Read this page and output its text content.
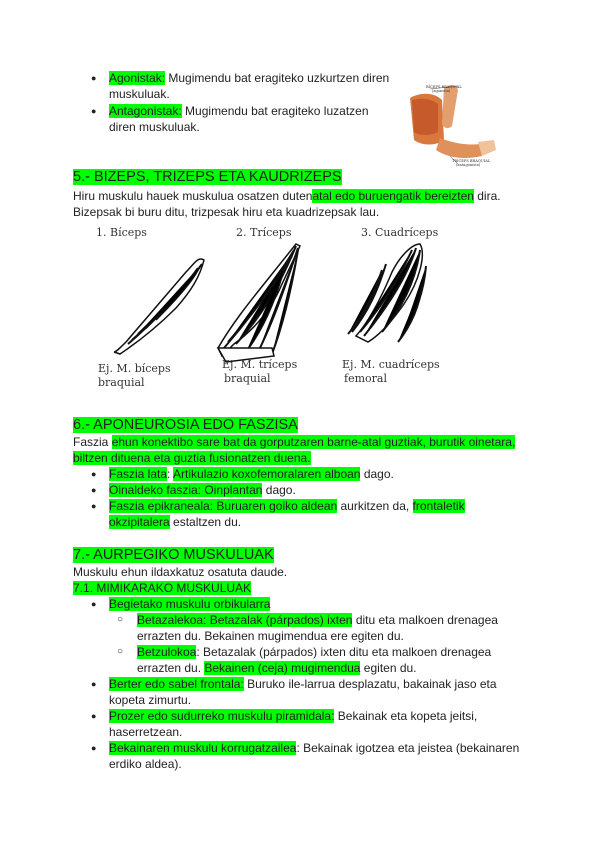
● Agonistak: Mugimendu bat eragiteko uzkurtzen diren
muskuluak.
● Antagonistak: Mugimendu bat eragiteko luzatzen
diren muskuluak.
BÍCEPS BRAQUIAL
(agonista)
TRÍCEPS BRAQUIAL
(antagonista)
5.- BIZEPS, TRIZEPS ETA KAUDRIZEPS
Hiru muskulu hauek muskulua osatzen dutenatal edo buruengatik bereizten dira.
Bizepsak bi buru ditu, trizpesak hiru eta kuadrizepsak lau.
1. Bíceps	2. Tríceps	3. Cuadríceps
Ej. M. bíceps
braquial
Ej. M. tríceps
braquial
Ej. M. cuadríceps
femoral
6.- APONEUROSIA EDO FASZISA
Faszia ehun konektibo sare bat da gorputzaren barne-atal guztiak, burutik oinetara,
biltzen dituena eta guztia fusionatzen duena.
● Faszia lata: Artikulazio koxofemoralaren alboan dago.
● Oinaldeko faszia: Oinplantan dago.
● Faszia epikraneala: Buruaren goiko aldean aurkitzen da, frontaletik
okzipitalera estaltzen du.
7.- AURPEGIKO MUSKULUAK
Muskulu ehun ildaxkatuz osatuta daude.
7.1. MIMIKARAKO MUSKULUAK
● Begietako muskulu orbikularra
○ Betazalekoa: Betazalak (párpados) ixten ditu eta malkoen drenagea
errazten du. Bekainen mugimendua ere egiten du.
○ Betzulokoa: Betazalak (párpados) ixten ditu eta malkoen drenagea
errazten du. Bekainen (ceja) mugimendua egiten du.
● Berter edo sabel frontala: Buruko ile-larrua desplazatu, bakainak jaso eta
kopeta zimurtu.
● Prozer edo sudurreko muskulu piramidala: Bekainak eta kopeta jeitsi,
haserretzean.
● Bekainaren muskulu korrugatzailea: Bekainak igotzea eta jeistea (bekainaren
erdiko aldea).
